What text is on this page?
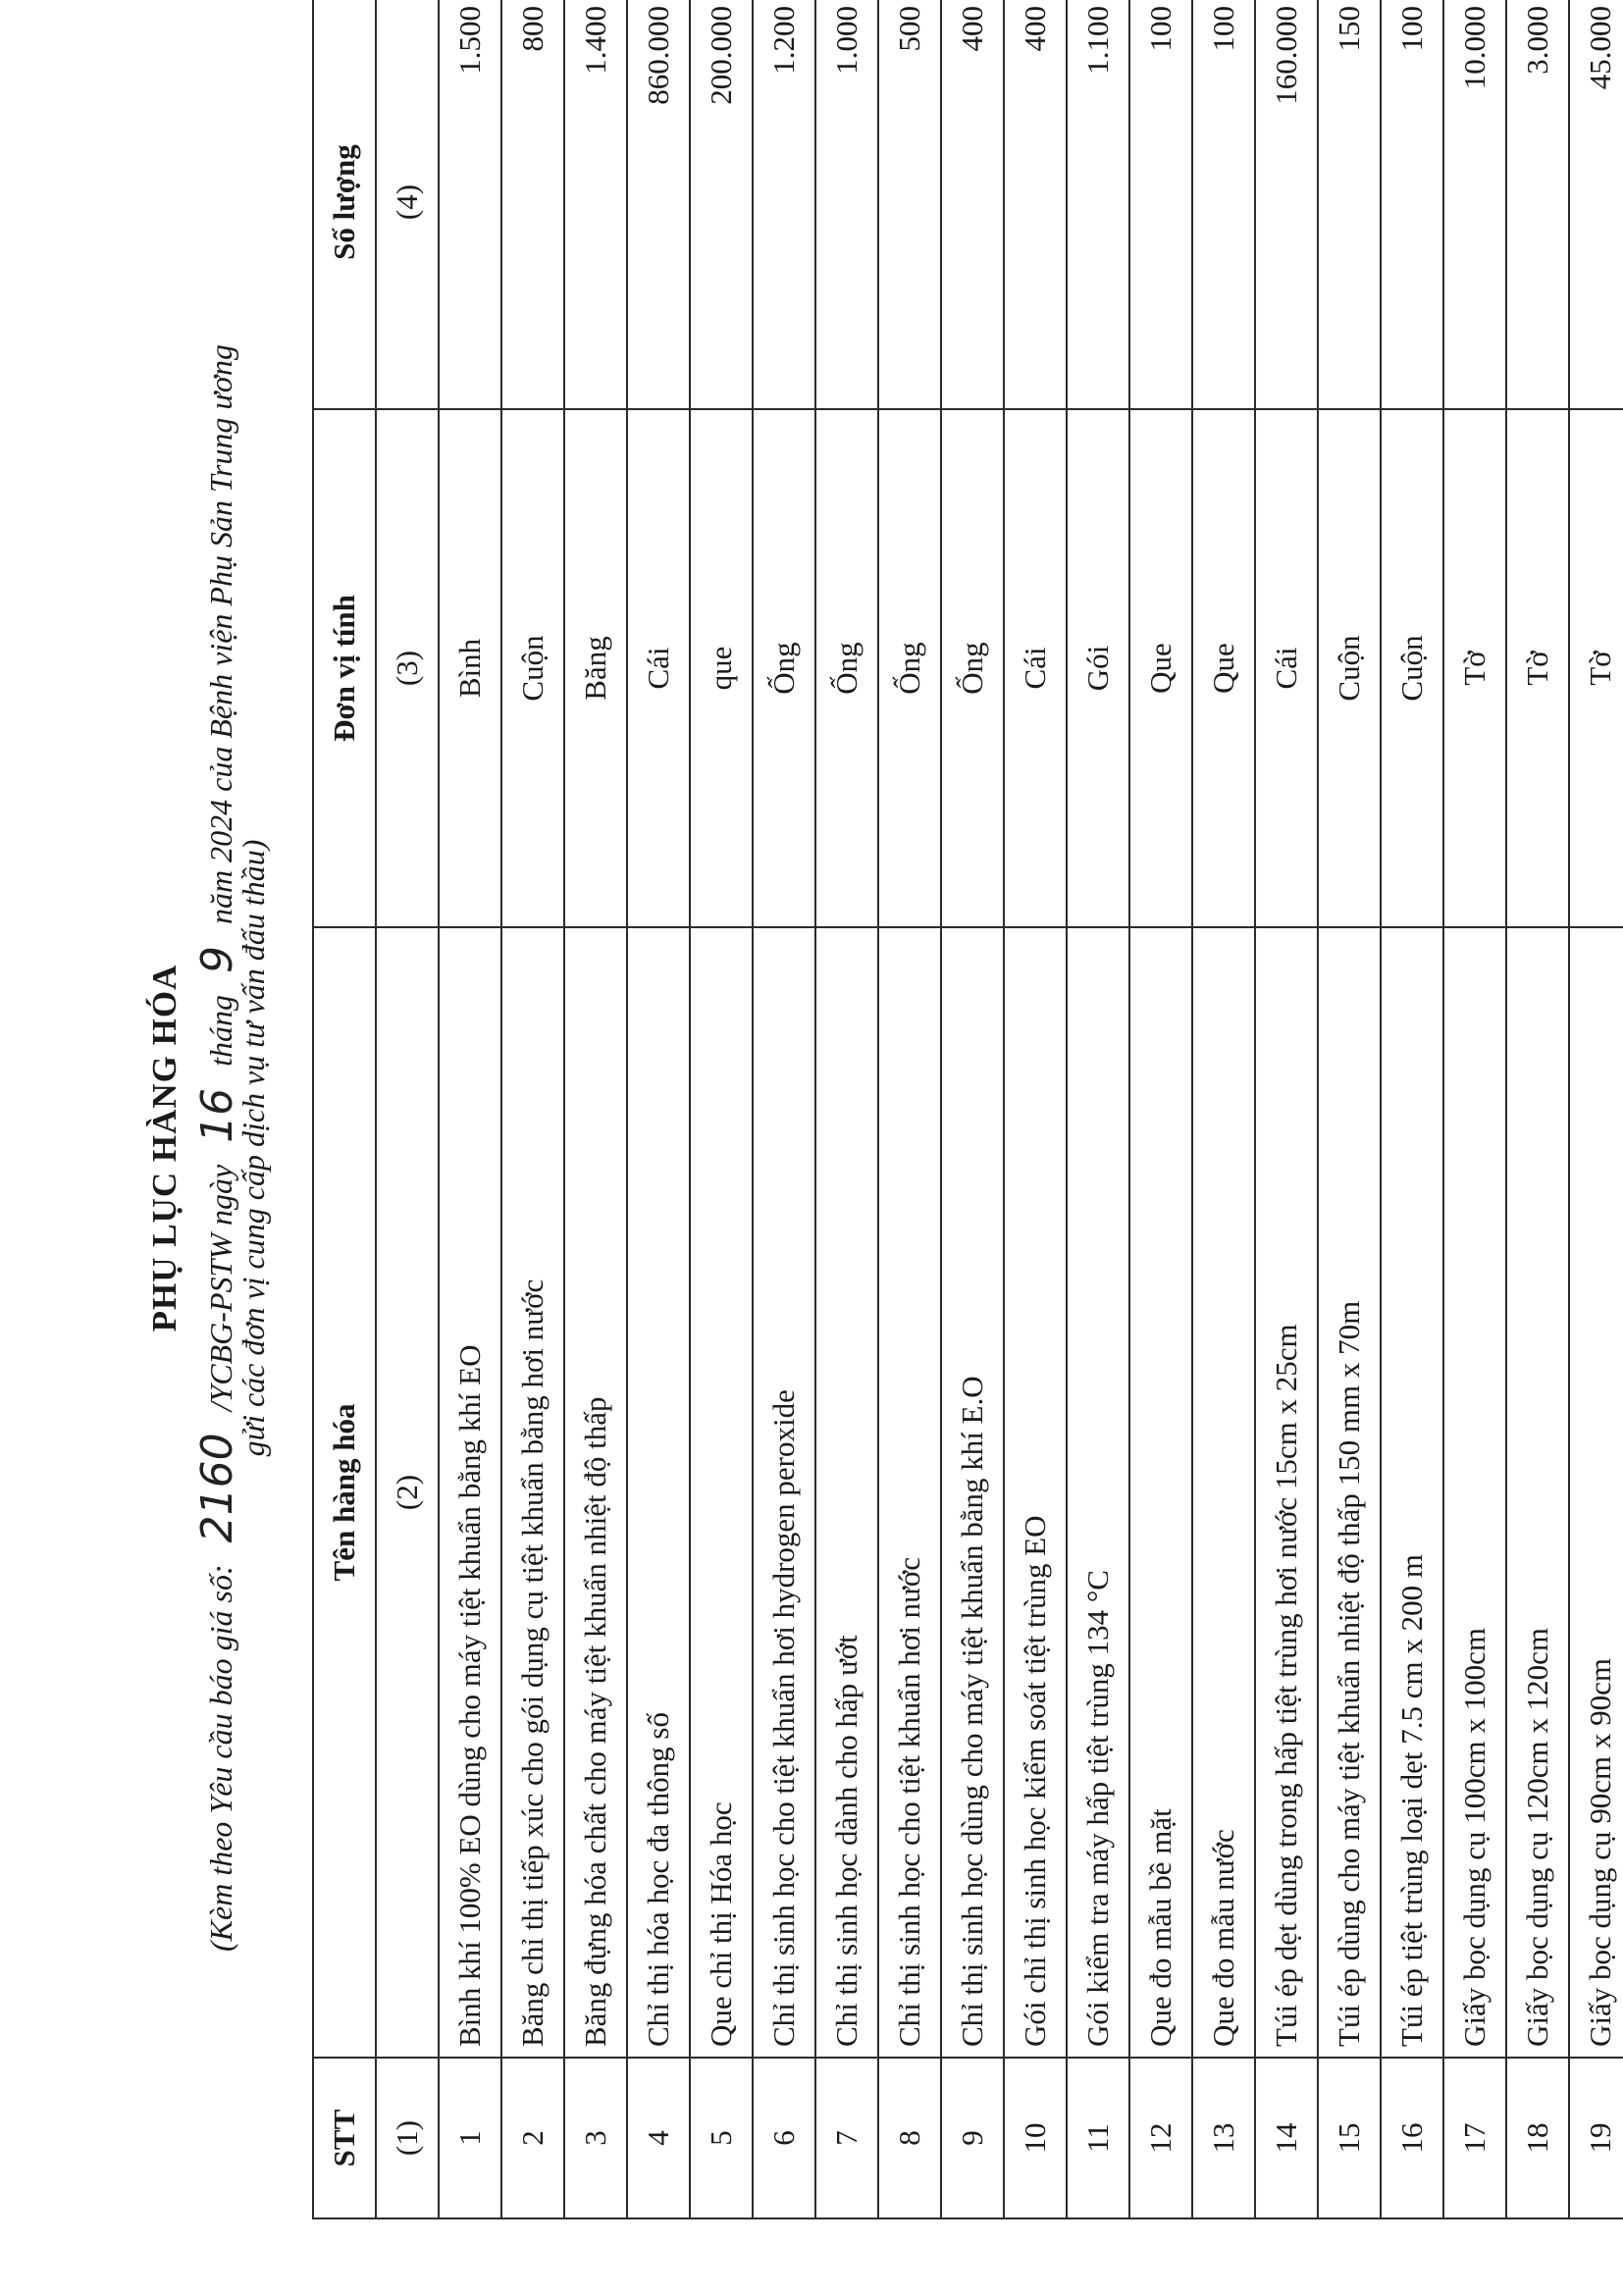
PHỤ LỤC HÀNG HÓA
(Kèm theo Yêu cầu báo giá số: 2160 /YCBG-PSTW ngày 16 tháng 9 năm 2024 của Bệnh viện Phụ Sản Trung ương
gửi các đơn vị cung cấp dịch vụ tư vấn đấu thầu)
STT	Tên hàng hóa	Đơn vị tính	Số lượng
(1)	(2)	(3)	(4)
1	Bình khí 100% EO dùng cho máy tiệt khuẩn bằng khí EO	Bình	1.500
2	Băng chỉ thị tiếp xúc cho gói dụng cụ tiệt khuẩn bằng hơi nước	Cuộn	800
3	Băng đựng hóa chất cho máy tiệt khuẩn nhiệt độ thấp	Băng	1.400
4	Chỉ thị hóa học đa thông số	Cái	860.000
5	Que chỉ thị Hóa học	que	200.000
6	Chỉ thị sinh học cho tiệt khuẩn hơi hydrogen peroxide	Ống	1.200
7	Chỉ thị sinh học dành cho hấp ướt	Ống	1.000
8	Chỉ thị sinh học cho tiệt khuẩn hơi nước	Ống	500
9	Chỉ thị sinh học dùng cho máy tiệt khuẩn bằng khí E.O	Ống	400
10	Gói chỉ thị sinh học kiểm soát tiệt trùng EO	Cái	400
11	Gói kiểm tra máy hấp tiệt trùng 134 °C	Gói	1.100
12	Que đo mẫu bề mặt	Que	100
13	Que đo mẫu nước	Que	100
14	Túi ép dẹt dùng trong hấp tiệt trùng hơi nước 15cm x 25cm	Cái	160.000
15	Túi ép dùng cho máy tiệt khuẩn nhiệt độ thấp 150 mm x 70m	Cuộn	150
16	Túi ép tiệt trùng loại dẹt 7.5 cm x 200 m	Cuộn	100
17	Giấy bọc dụng cụ 100cm x 100cm	Tờ	10.000
18	Giấy bọc dụng cụ 120cm x 120cm	Tờ	3.000
19	Giấy bọc dụng cụ 90cm x 90cm	Tờ	45.000
